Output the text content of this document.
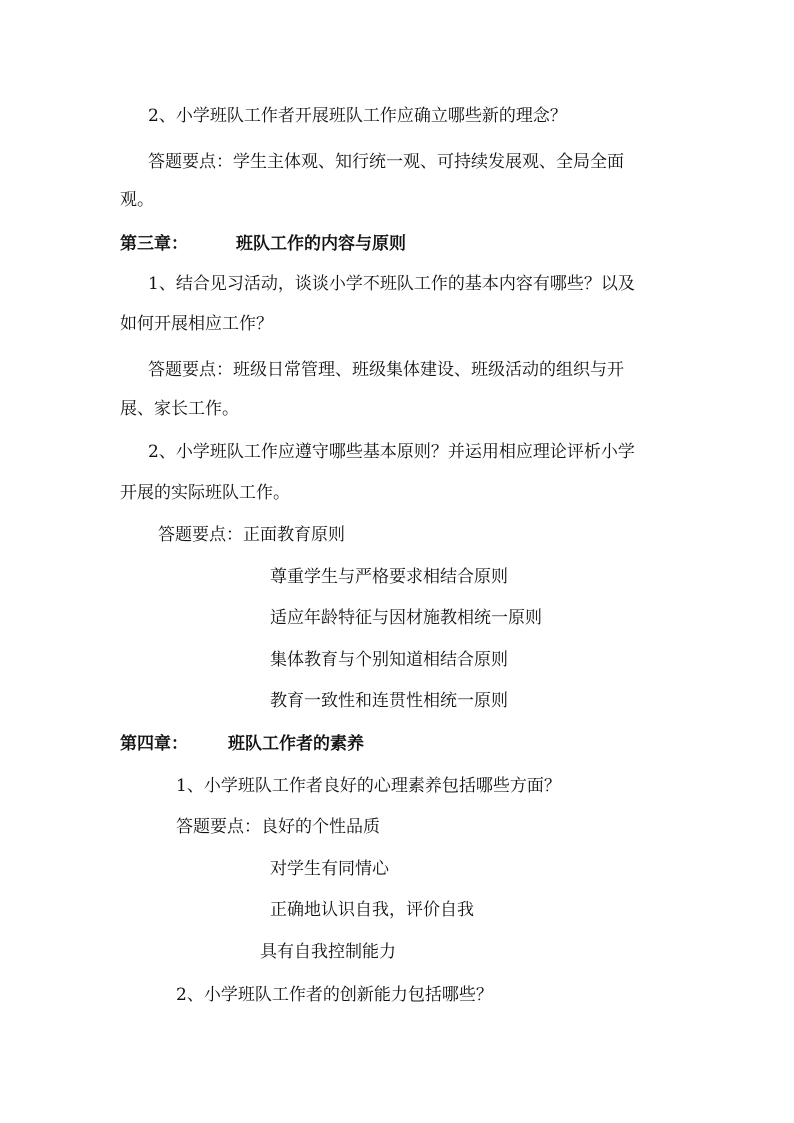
2、小学班队工作者开展班队工作应确立哪些新的理念？
答题要点：学生主体观、知行统一观、可持续发展观、全局全面
观。
第三章：	班队工作的内容与原则
1、结合见习活动，谈谈小学不班队工作的基本内容有哪些？以及
如何开展相应工作？
答题要点：班级日常管理、班级集体建设、班级活动的组织与开
展、家长工作。
2、小学班队工作应遵守哪些基本原则？并运用相应理论评析小学
开展的实际班队工作。
答题要点：正面教育原则
尊重学生与严格要求相结合原则
适应年龄特征与因材施教相统一原则
集体教育与个别知道相结合原则
教育一致性和连贯性相统一原则
第四章： 班队工作者的素养
1、小学班队工作者良好的心理素养包括哪些方面？
答题要点：良好的个性品质
对学生有同情心
正确地认识自我，评价自我
具有自我控制能力
2、小学班队工作者的创新能力包括哪些？
